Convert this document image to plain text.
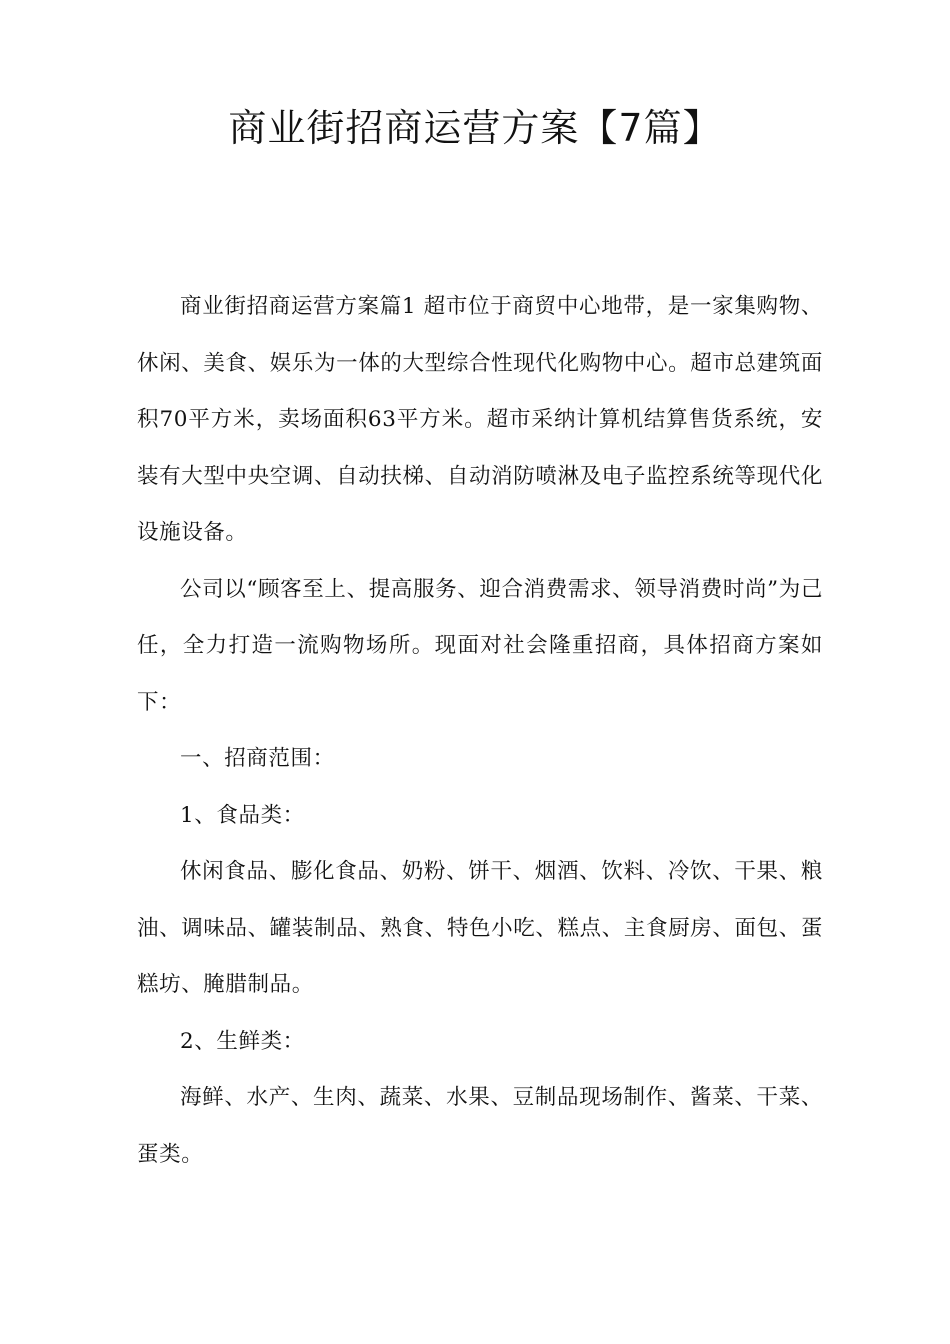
商业街招商运营方案【7篇】

商业街招商运营方案篇1 超市位于商贸中心地带，是一家集购物、休闲、美食、娱乐为一体的大型综合性现代化购物中心。超市总建筑面积70平方米，卖场面积63平方米。超市采纳计算机结算售货系统，安装有大型中央空调、自动扶梯、自动消防喷淋及电子监控系统等现代化设施设备。

公司以“顾客至上、提高服务、迎合消费需求、领导消费时尚”为己任，全力打造一流购物场所。现面对社会隆重招商，具体招商方案如下：

一、招商范围：

1、食品类：

休闲食品、膨化食品、奶粉、饼干、烟酒、饮料、冷饮、干果、粮油、调味品、罐装制品、熟食、特色小吃、糕点、主食厨房、面包、蛋糕坊、腌腊制品。

2、生鲜类：

海鲜、水产、生肉、蔬菜、水果、豆制品现场制作、酱菜、干菜、蛋类。
